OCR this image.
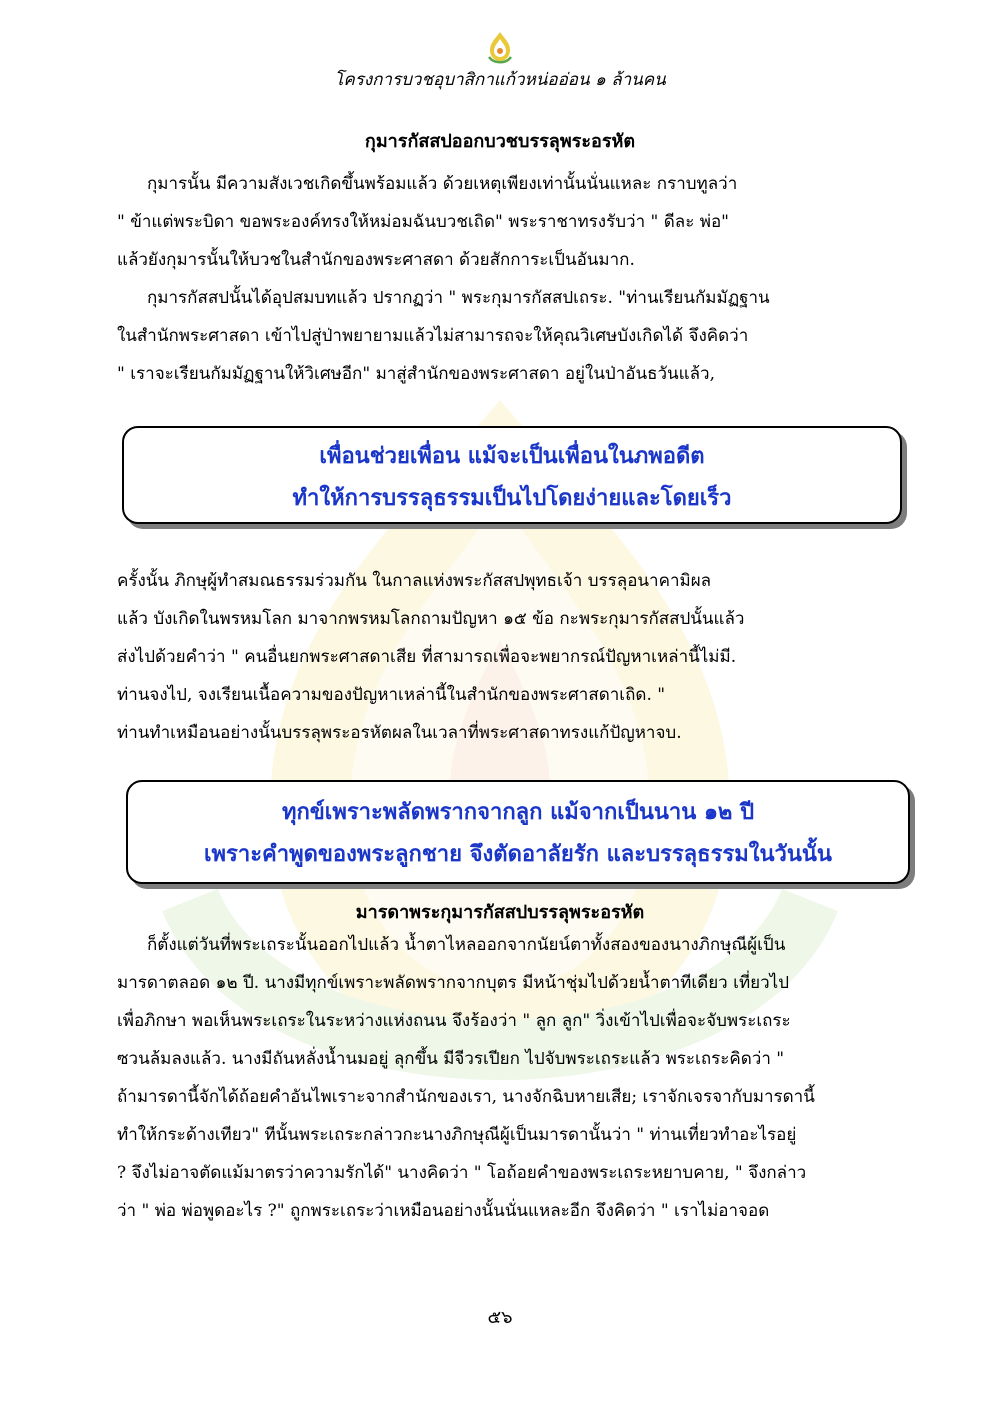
โครงการบวชอุบาสิกาแก้วหน่ออ่อน ๑ ล้านคน
กุมารกัสสปออกบวชบรรลุพระอรหัต
กุมารนั้น มีความสังเวชเกิดขึ้นพร้อมแล้ว ด้วยเหตุเพียงเท่านั้นนั่นแหละ กราบทูลว่า
" ข้าแต่พระบิดา ขอพระองค์ทรงให้หม่อมฉันบวชเถิด" พระราชาทรงรับว่า " ดีละ พ่อ"
แล้วยังกุมารนั้นให้บวชในสำนักของพระศาสดา ด้วยสักการะเป็นอันมาก.
กุมารกัสสปนั้นได้อุปสมบทแล้ว ปรากฏว่า " พระกุมารกัสสปเถระ. "ท่านเรียนกัมมัฏฐาน
ในสำนักพระศาสดา เข้าไปสู่ป่าพยายามแล้วไม่สามารถจะให้คุณวิเศษบังเกิดได้ จึงคิดว่า
" เราจะเรียนกัมมัฏฐานให้วิเศษอีก" มาสู่สำนักของพระศาสดา อยู่ในป่าอันธวันแล้ว,
เพื่อนช่วยเพื่อน แม้จะเป็นเพื่อนในภพอดีต
ทำให้การบรรลุธรรมเป็นไปโดยง่ายและโดยเร็ว
ครั้งนั้น ภิกษุผู้ทำสมณธรรมร่วมกัน ในกาลแห่งพระกัสสปพุทธเจ้า บรรลุอนาคามิผล
แล้ว บังเกิดในพรหมโลก มาจากพรหมโลกถามปัญหา ๑๕ ข้อ กะพระกุมารกัสสปนั้นแล้ว
ส่งไปด้วยคำว่า " คนอื่นยกพระศาสดาเสีย ที่สามารถเพื่อจะพยากรณ์ปัญหาเหล่านี้ไม่มี.
ท่านจงไป, จงเรียนเนื้อความของปัญหาเหล่านี้ในสำนักของพระศาสดาเถิด. "
ท่านทำเหมือนอย่างนั้นบรรลุพระอรหัตผลในเวลาที่พระศาสดาทรงแก้ปัญหาจบ.
ทุกข์เพราะพลัดพรากจากลูก แม้จากเป็นนาน ๑๒ ปี
เพราะคำพูดของพระลูกชาย จึงตัดอาลัยรัก และบรรลุธรรมในวันนั้น
มารดาพระกุมารกัสสปบรรลุพระอรหัต
ก็ตั้งแต่วันที่พระเถระนั้นออกไปแล้ว น้ำตาไหลออกจากนัยน์ตาทั้งสองของนางภิกษุณีผู้เป็น
มารดาตลอด ๑๒ ปี. นางมีทุกข์เพราะพลัดพรากจากบุตร มีหน้าชุ่มไปด้วยน้ำตาทีเดียว เที่ยวไป
เพื่อภิกษา พอเห็นพระเถระในระหว่างแห่งถนน จึงร้องว่า " ลูก ลูก" วิ่งเข้าไปเพื่อจะจับพระเถระ
ซวนล้มลงแล้ว. นางมีถันหลั่งน้ำนมอยู่ ลุกขึ้น มีจีวรเปียก ไปจับพระเถระแล้ว พระเถระคิดว่า "
ถ้ามารดานี้จักได้ถ้อยคำอันไพเราะจากสำนักของเรา, นางจักฉิบหายเสีย; เราจักเจรจากับมารดานี้
ทำให้กระด้างเทียว" ทีนั้นพระเถระกล่าวกะนางภิกษุณีผู้เป็นมารดานั้นว่า " ท่านเที่ยวทำอะไรอยู่
? จึงไม่อาจตัดแม้มาตรว่าความรักได้" นางคิดว่า " โอถ้อยคำของพระเถระหยาบคาย, " จึงกล่าว
ว่า " พ่อ พ่อพูดอะไร ?" ถูกพระเถระว่าเหมือนอย่างนั้นนั่นแหละอีก จึงคิดว่า " เราไม่อาจอด
๕๖
